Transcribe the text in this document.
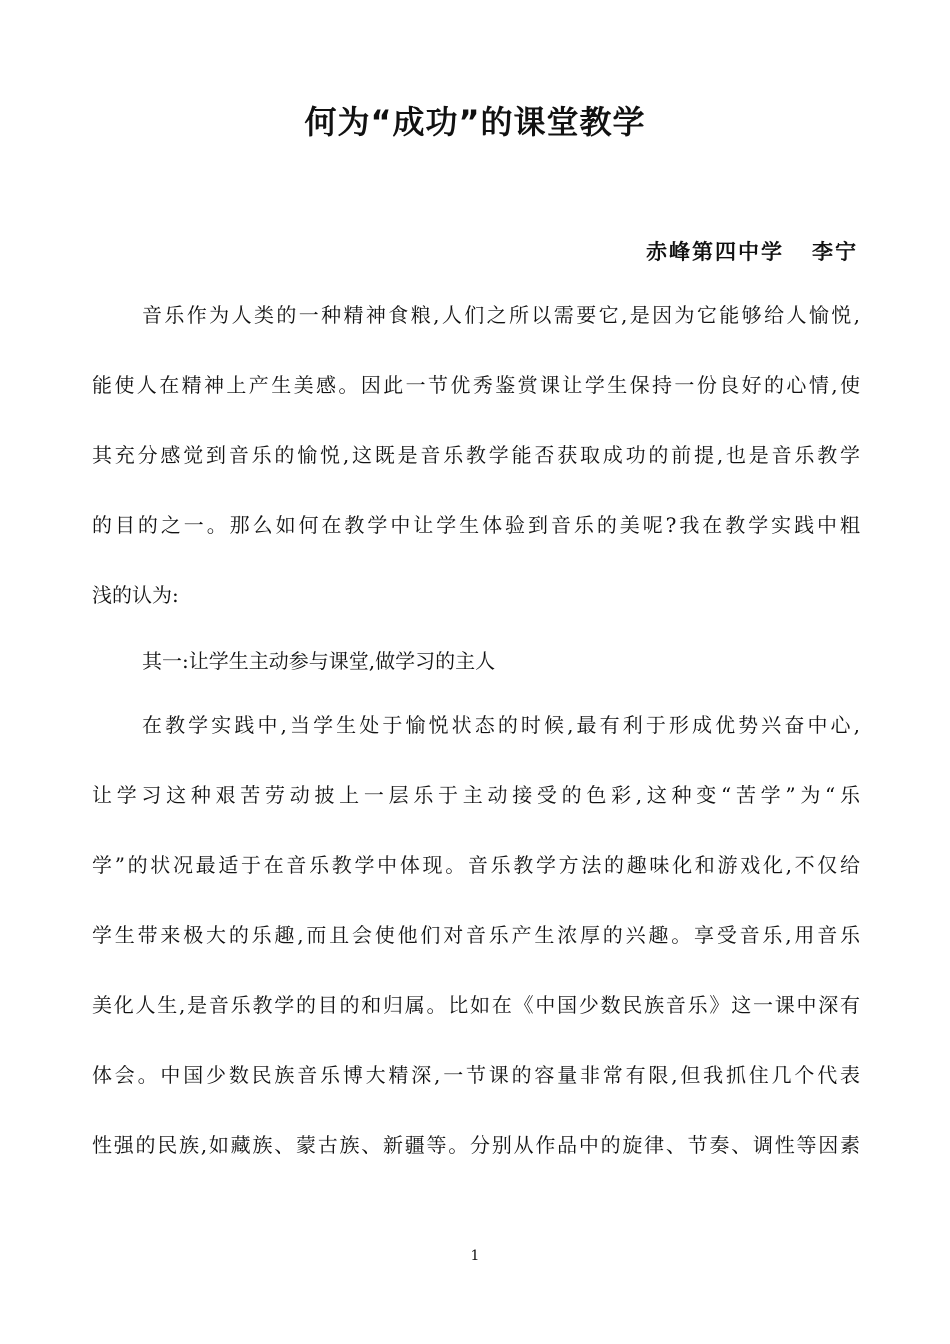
何为“成功”的课堂教学
赤峰第四中学   李宁
音乐作为人类的一种精神食粮,人们之所以需要它,是因为它能够给人愉悦,
能使人在精神上产生美感。因此一节优秀鉴赏课让学生保持一份良好的心情,使
其充分感觉到音乐的愉悦,这既是音乐教学能否获取成功的前提,也是音乐教学
的目的之一。那么如何在教学中让学生体验到音乐的美呢?我在教学实践中粗
浅的认为:
其一:让学生主动参与课堂,做学习的主人
在教学实践中,当学生处于愉悦状态的时候,最有利于形成优势兴奋中心,
让学习这种艰苦劳动披上一层乐于主动接受的色彩,这种变“苦学”为“乐
学”的状况最适于在音乐教学中体现。音乐教学方法的趣味化和游戏化,不仅给
学生带来极大的乐趣,而且会使他们对音乐产生浓厚的兴趣。享受音乐,用音乐
美化人生,是音乐教学的目的和归属。比如在《中国少数民族音乐》这一课中深有
体会。中国少数民族音乐博大精深,一节课的容量非常有限,但我抓住几个代表
性强的民族,如藏族、蒙古族、新疆等。分别从作品中的旋律、节奏、调性等因素
1
